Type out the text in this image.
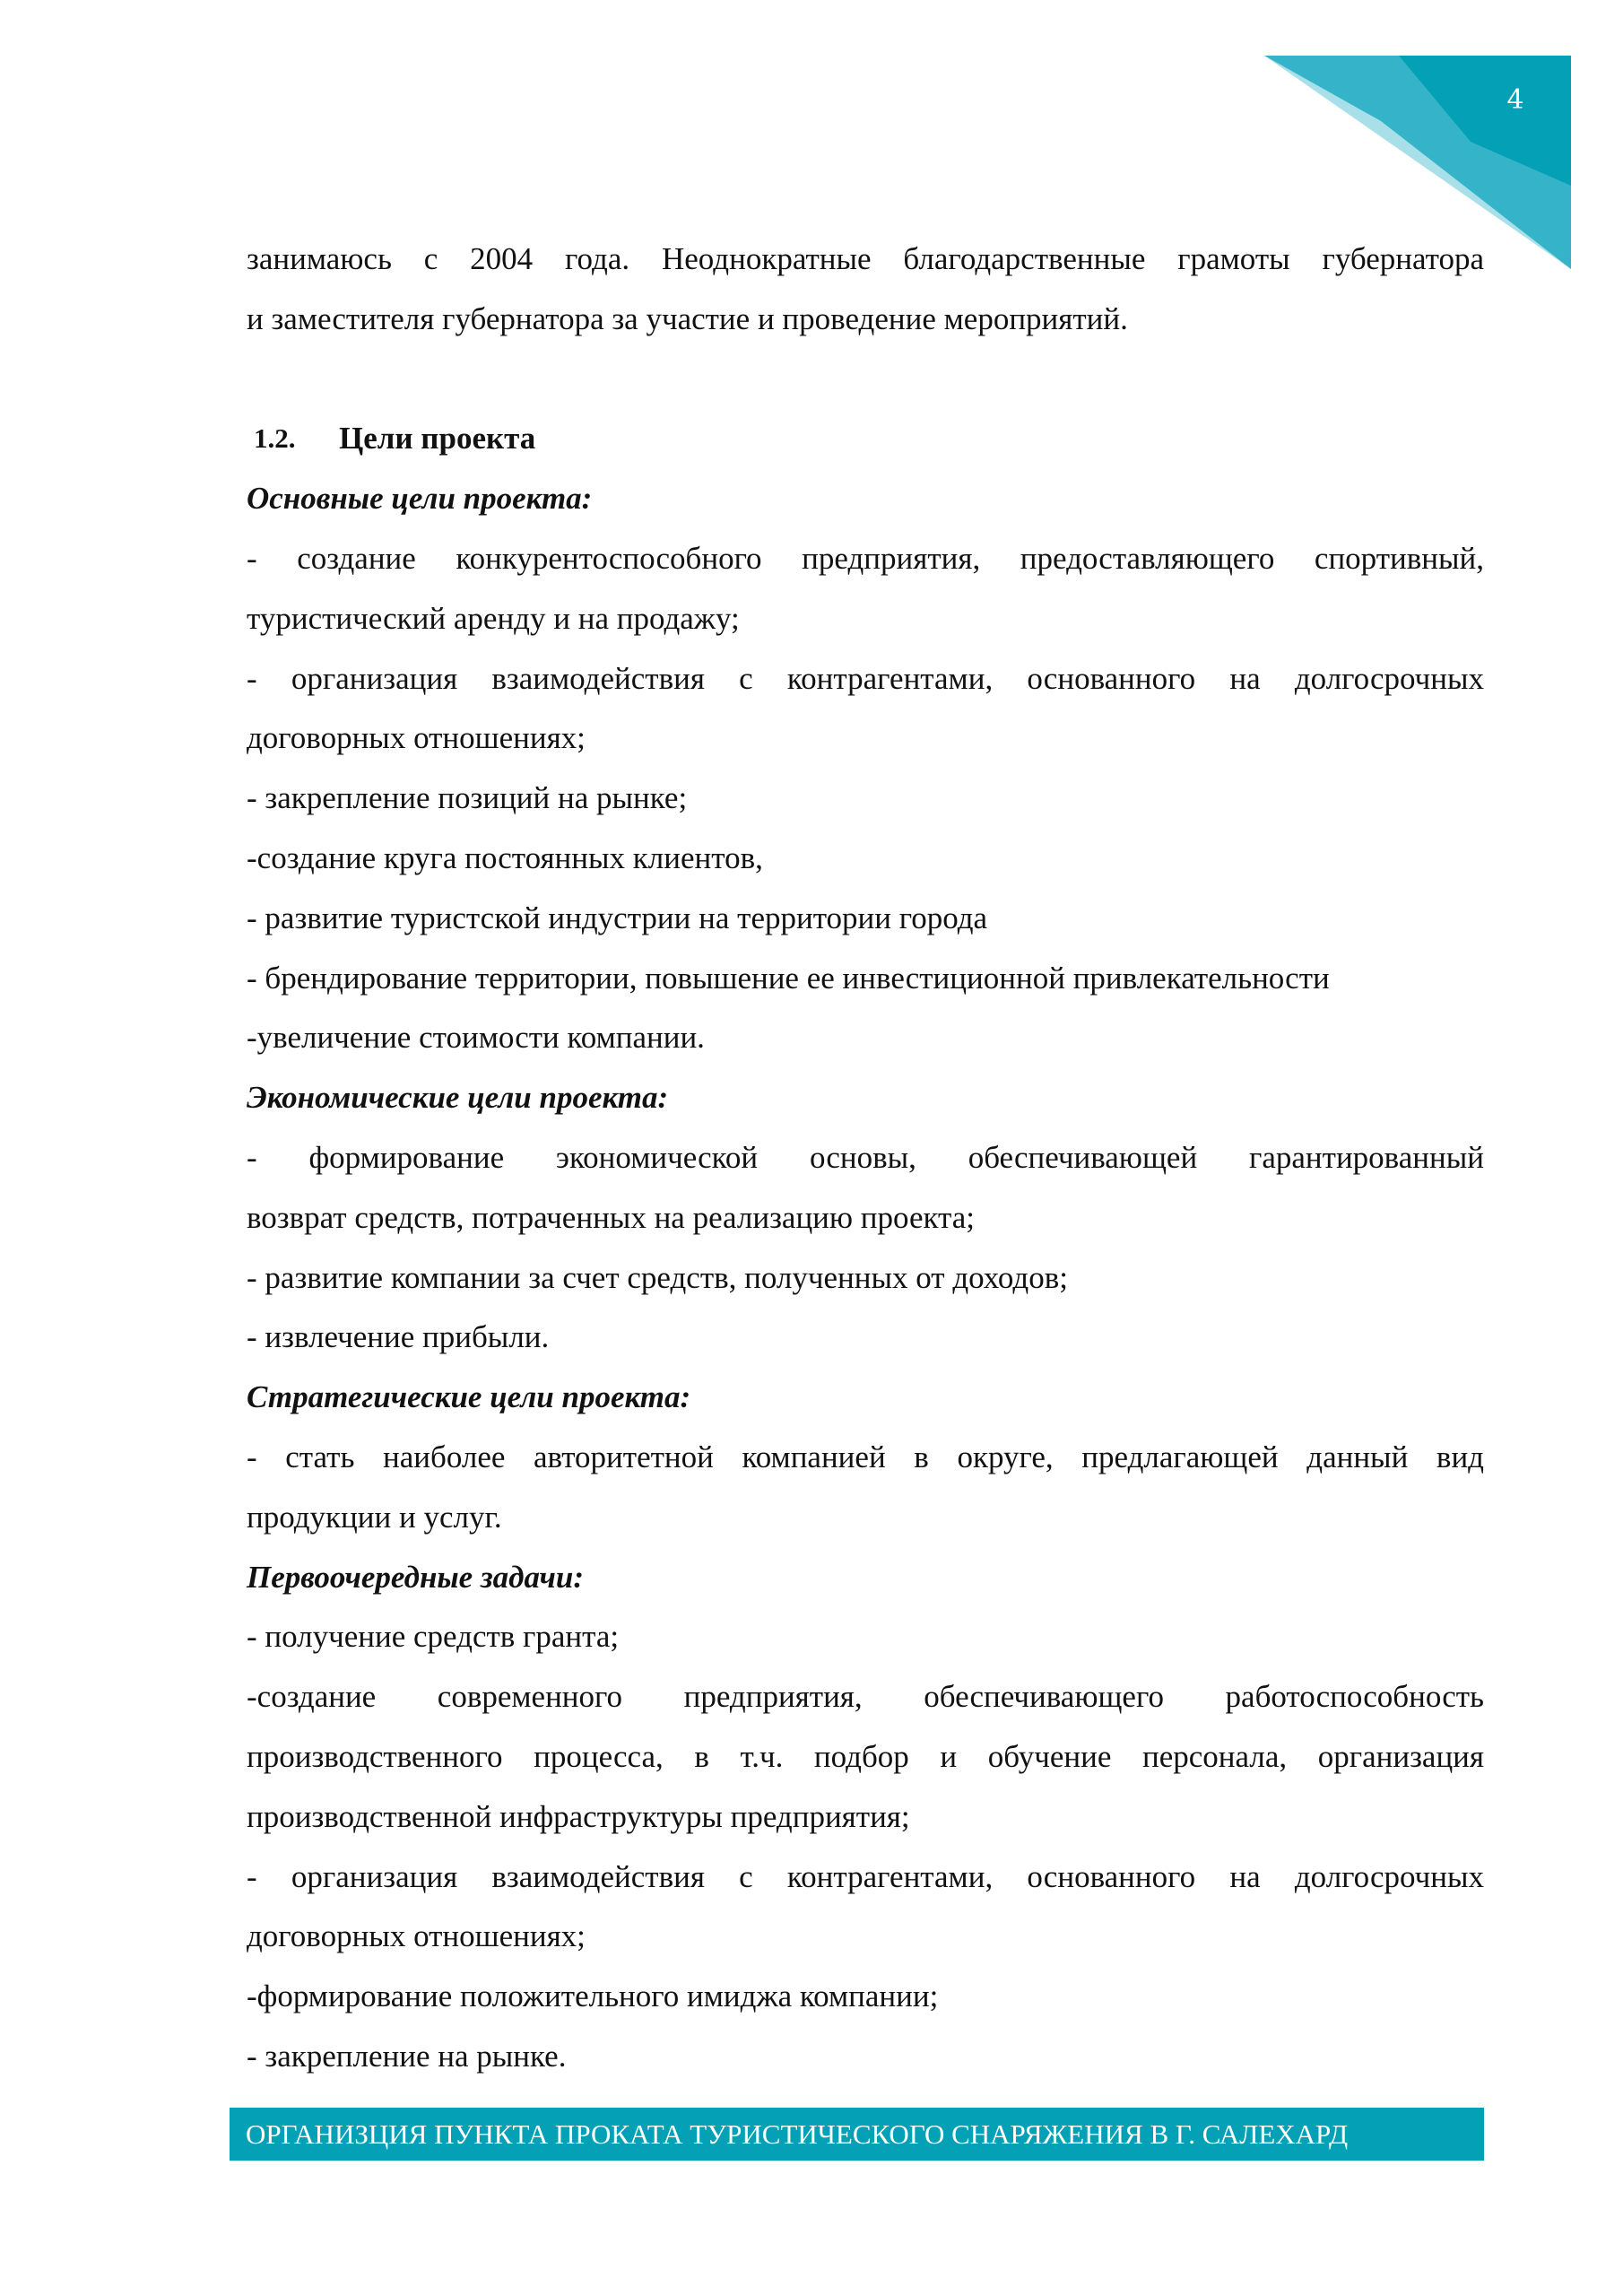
4
занимаюсь с 2004 года. Неоднократные благодарственные грамоты губернатора
и заместителя губернатора за участие и проведение мероприятий.
1.2.	Цели проекта
Основные цели проекта:
- создание конкурентоспособного предприятия, предоставляющего спортивный,
туристический аренду и на продажу;
- организация взаимодействия с контрагентами, основанного на долгосрочных
договорных отношениях;
- закрепление позиций на рынке;
-создание круга постоянных клиентов,
- развитие туристской индустрии на территории города
- брендирование территории, повышение ее инвестиционной привлекательности
-увеличение стоимости компании.
Экономические цели проекта:
- формирование экономической основы, обеспечивающей гарантированный
возврат средств, потраченных на реализацию проекта;
- развитие компании за счет средств, полученных от доходов;
- извлечение прибыли.
Стратегические цели проекта:
- стать наиболее авторитетной компанией в округе, предлагающей данный вид
продукции и услуг.
Первоочередные задачи:
- получение средств гранта;
-создание современного предприятия, обеспечивающего работоспособность
производственного процесса, в т.ч. подбор и обучение персонала, организация
производственной инфраструктуры предприятия;
- организация взаимодействия с контрагентами, основанного на долгосрочных
договорных отношениях;
-формирование положительного имиджа компании;
- закрепление на рынке.
ОРГАНИЗЦИЯ ПУНКТА ПРОКАТА ТУРИСТИЧЕСКОГО СНАРЯЖЕНИЯ В Г. САЛЕХАРД
